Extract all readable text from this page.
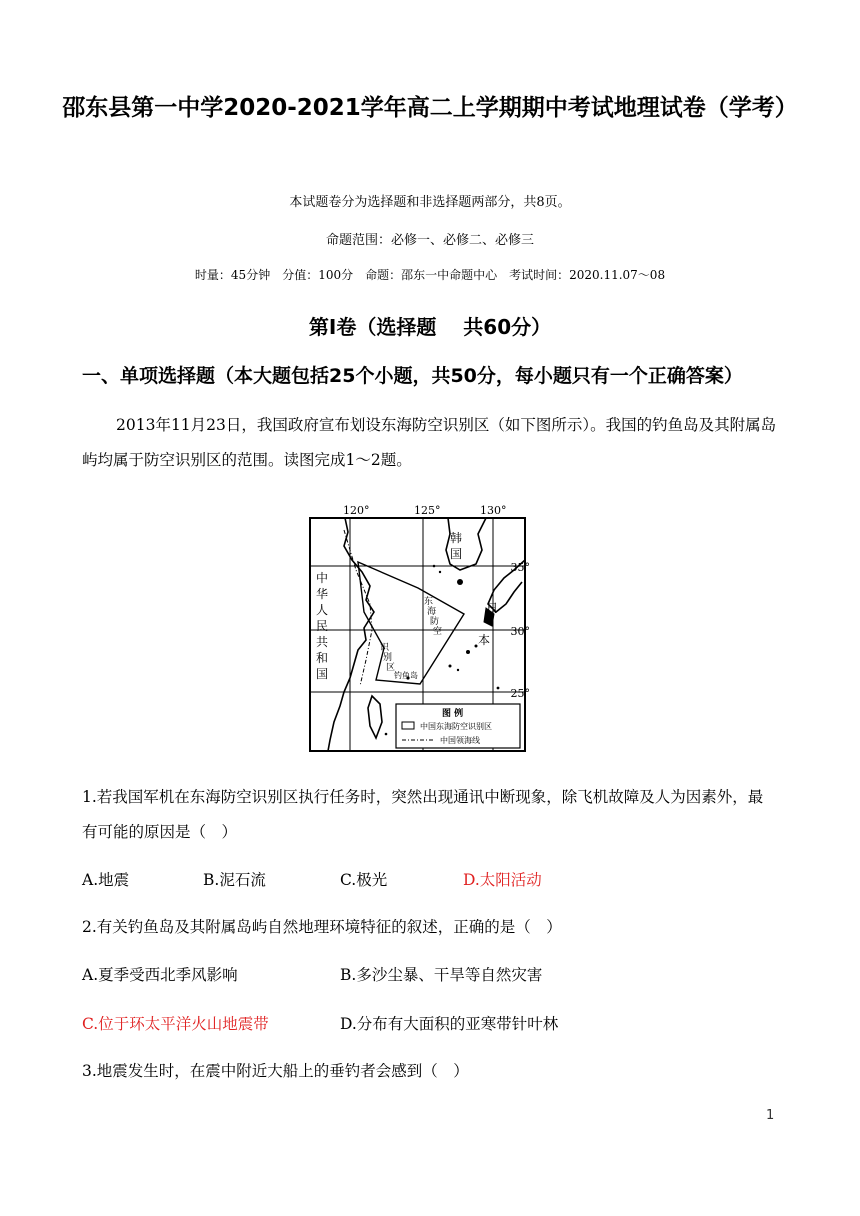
邵东县第一中学2020-2021学年高二上学期期中考试地理试卷（学考）
本试题卷分为选择题和非选择题两部分，共8页。
命题范围：必修一、必修二、必修三
时量：45分钟　分值：100分　命题：邵东一中命题中心　考试时间：2020.11.07～08
第Ⅰ卷（选择题　 共60分）
一、单项选择题（本大题包括25个小题，共50分，每小题只有一个正确答案）
2013年11月23日，我国政府宣布划设东海防空识别区（如下图所示）。我国的钓鱼岛及其附属岛屿均属于防空识别区的范围。读图完成1～2题。
120°	125°	130°
35°
30°
25°
中
华
人
民
共
和
国
韩
国
日
本
东
海
防
空
识
别
区
钓鱼岛
图 例
中国东海防空识别区
中国领海线
1.若我国军机在东海防空识别区执行任务时，突然出现通讯中断现象，除飞机故障及人为因素外，最有可能的原因是（　）
A.地震	B.泥石流	C.极光	D.太阳活动
2.有关钓鱼岛及其附属岛屿自然地理环境特征的叙述，正确的是（　）
A.夏季受西北季风影响	B.多沙尘暴、干旱等自然灾害
C.位于环太平洋火山地震带	D.分布有大面积的亚寒带针叶林
3.地震发生时，在震中附近大船上的垂钓者会感到（　）
1
